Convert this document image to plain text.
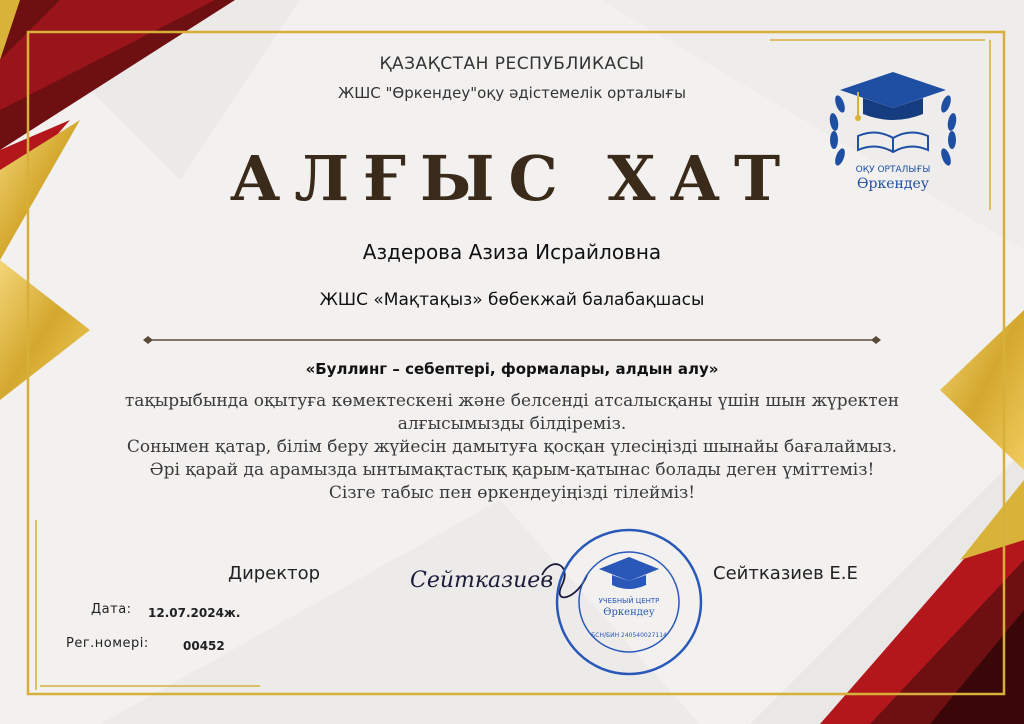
ҚАЗАҚСТАН РЕСПУБЛИКАСЫ
ЖШС "Өркендеу"оқу әдістемелік орталығы
АЛҒЫС ХАТ
Аздерова Азиза Исрайловна
ЖШС «Мақтақыз» бөбекжай балабақшасы
«Буллинг – себептері, формалары, алдын алу»
тақырыбында оқытуға көмектескені және белсенді атсалысқаны үшін шын жүректен
алғысымызды білдіреміз.
Сонымен қатар, білім беру жүйесін дамытуға қосқан үлесіңізді шынайы бағалаймыз.
Әрі қарай да арамызда ынтымақтастық қарым-қатынас болады деген үміттеміз!
Сізге табыс пен өркендеуіңізді тілейміз!
ОҚУ ОРТАЛЫҒЫ
Өркендеу
Директор	Сейтказиев
УЧЕБНЫЙ ЦЕНТР
Өркендеу
БСН/БИН 240540027114
Сейтказиев Е.Е
Дата: 12.07.2024ж.
Рег.номері:	00452
